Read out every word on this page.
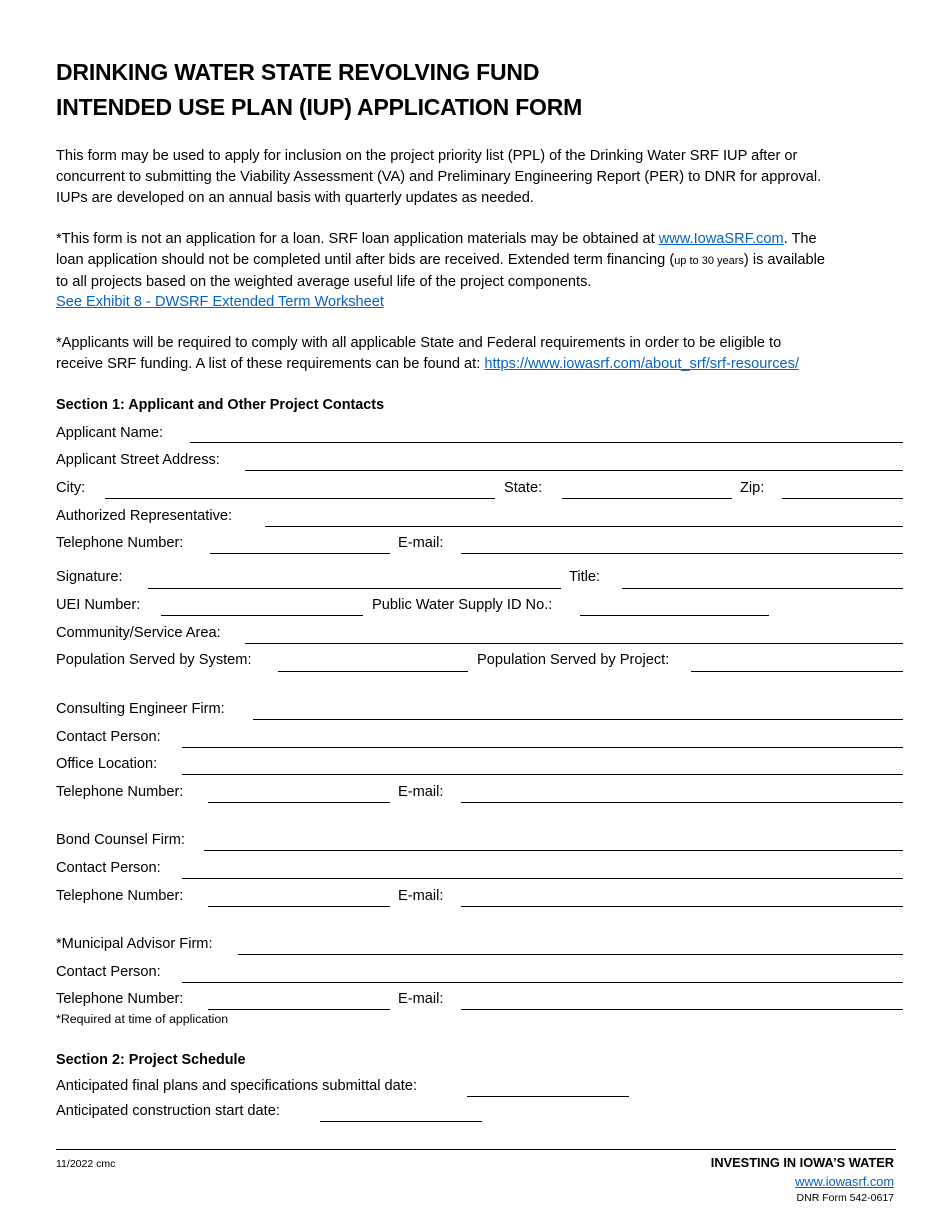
DRINKING WATER STATE REVOLVING FUND
INTENDED USE PLAN (IUP) APPLICATION FORM

This form may be used to apply for inclusion on the project priority list (PPL) of the Drinking Water SRF IUP after or
concurrent to submitting the Viability Assessment (VA) and Preliminary Engineering Report (PER) to DNR for approval.
IUPs are developed on an annual basis with quarterly updates as needed.

*This form is not an application for a loan. SRF loan application materials may be obtained at www.IowaSRF.com. The
loan application should not be completed until after bids are received. Extended term financing (up to 30 years) is available
to all projects based on the weighted average useful life of the project components.
See Exhibit 8 - DWSRF Extended Term Worksheet

*Applicants will be required to comply with all applicable State and Federal requirements in order to be eligible to
receive SRF funding. A list of these requirements can be found at: https://www.iowasrf.com/about_srf/srf-resources/

Section 1: Applicant and Other Project Contacts
Applicant Name:
Applicant Street Address:
City:	State:	Zip:
Authorized Representative:
Telephone Number:	E-mail:
Signature:	Title:
UEI Number:	Public Water Supply ID No.:
Community/Service Area:
Population Served by System:	Population Served by Project:
Consulting Engineer Firm:
Contact Person:
Office Location:
Telephone Number:	E-mail:
Bond Counsel Firm:
Contact Person:
Telephone Number:	E-mail:
*Municipal Advisor Firm:
Contact Person:
Telephone Number:	E-mail:
*Required at time of application
Section 2: Project Schedule
Anticipated final plans and specifications submittal date:
Anticipated construction start date:
11/2022 cmc	INVESTING IN IOWA’S WATER
www.iowasrf.com
DNR Form 542-0617
